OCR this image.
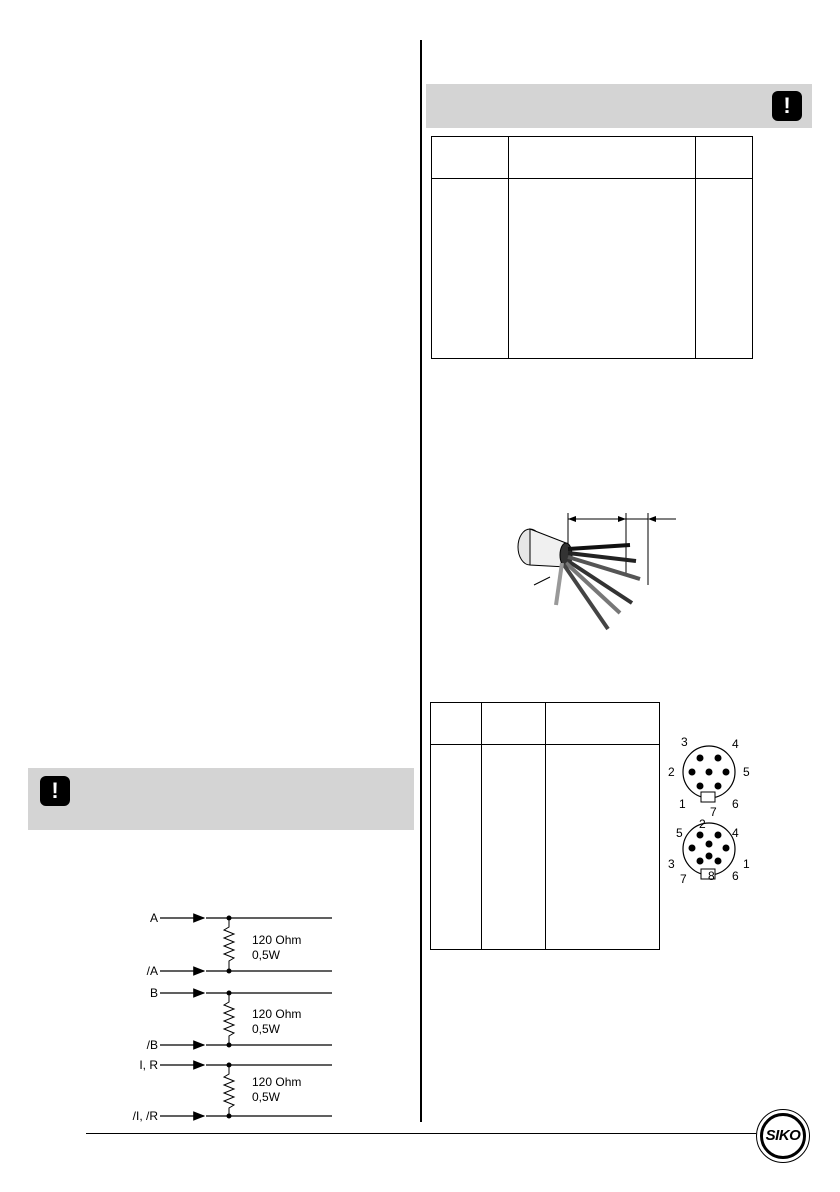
!
!

3	4
2	5
1
7
6
2
5	4
3	1
8 6
7
A
/A
B
/B
I, R
/I, /R
120 Ohm
0,5W
120 Ohm
0,5W
120 Ohm
0,5W
SIKO
